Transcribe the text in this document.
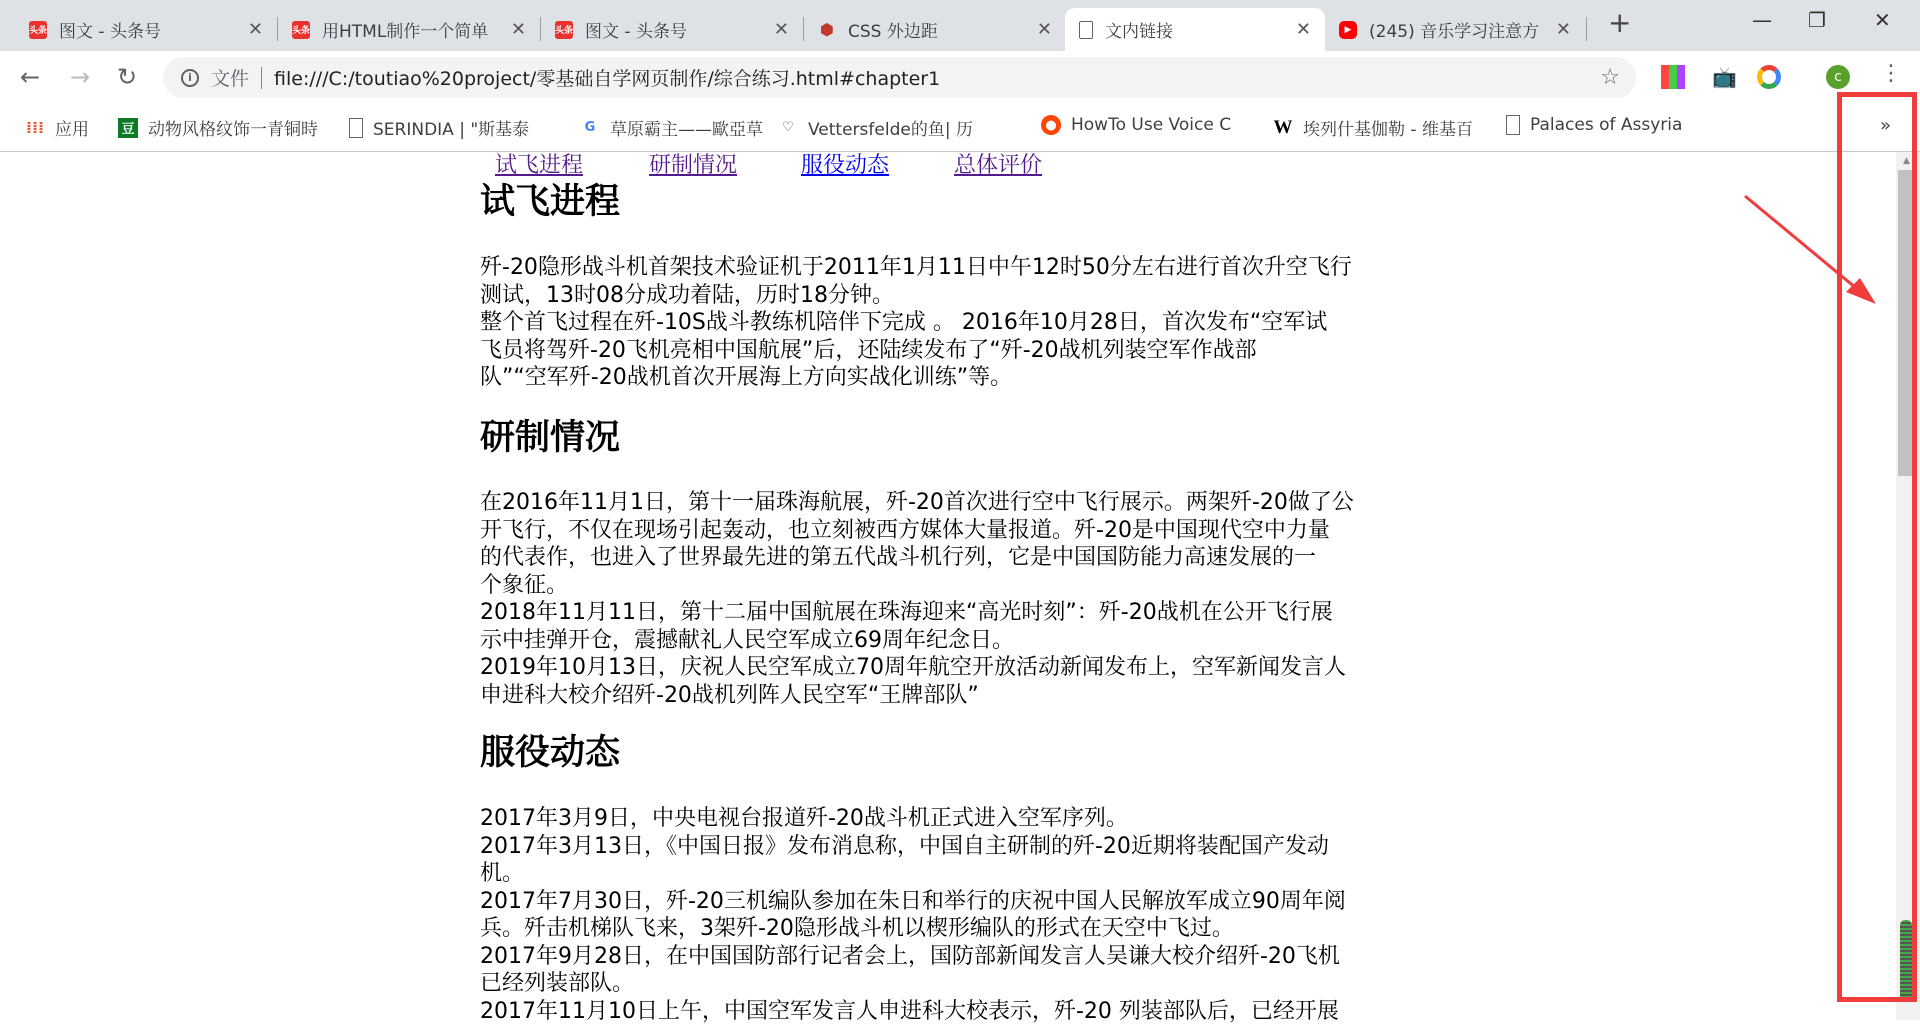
头条 图文 - 头条号	✕	头条 用HTML制作一个简单	✕	头条 图文 - 头条号	✕ ⬢ CSS 外边距	✕	文内链接	✕	▶	(245) 音乐学习注意方 ✕ +	— ❐ ✕
← → ↻	i	文件 file:///C:/toutiao%20project/零基础自学网页制作/综合练习.html#chapter1	☆	📺	c	⋮
⁞⁞⁞ 应用 豆 动物风格纹饰一青铜時	SERINDIA | "斯基泰	G 草原霸主——歐亞草	♡ Vettersfelde的鱼| 历	● HowTo Use Voice C W 埃列什基伽勒 - 维基百	Palaces of Assyria	»
试飞进程	研制情况	服役动态	总体评价
试飞进程
歼-20隐形战斗机首架技术验证机于2011年1月11日中午12时50分左右进行首次升空飞行
测试，13时08分成功着陆，历时18分钟。
整个首飞过程在歼-10S战斗教练机陪伴下完成 。 2016年10月28日，首次发布“空军试
飞员将驾歼-20飞机亮相中国航展”后，还陆续发布了“歼-20战机列装空军作战部
队”“空军歼-20战机首次开展海上方向实战化训练”等。
研制情况
在2016年11月1日，第十一届珠海航展，歼-20首次进行空中飞行展示。两架歼-20做了公
开飞行，不仅在现场引起轰动，也立刻被西方媒体大量报道。歼-20是中国现代空中力量
的代表作，也进入了世界最先进的第五代战斗机行列，它是中国国防能力高速发展的一
个象征。
2018年11月11日，第十二届中国航展在珠海迎来“高光时刻”：歼-20战机在公开飞行展
示中挂弹开仓，震撼献礼人民空军成立69周年纪念日。
2019年10月13日，庆祝人民空军成立70周年航空开放活动新闻发布上，空军新闻发言人
申进科大校介绍歼-20战机列阵人民空军“王牌部队”
服役动态
2017年3月9日，中央电视台报道歼-20战斗机正式进入空军序列。
2017年3月13日，《中国日报》发布消息称，中国自主研制的歼-20近期将装配国产发动
机。
2017年7月30日，歼-20三机编队参加在朱日和举行的庆祝中国人民解放军成立90周年阅
兵。歼击机梯队飞来，3架歼-20隐形战斗机以楔形编队的形式在天空中飞过。
2017年9月28日，在中国国防部行记者会上，国防部新闻发言人吴谦大校介绍歼-20飞机
已经列装部队。
2017年11月10日上午，中国空军发言人申进科大校表示，歼-20 列装部队后，已经开展
▲
